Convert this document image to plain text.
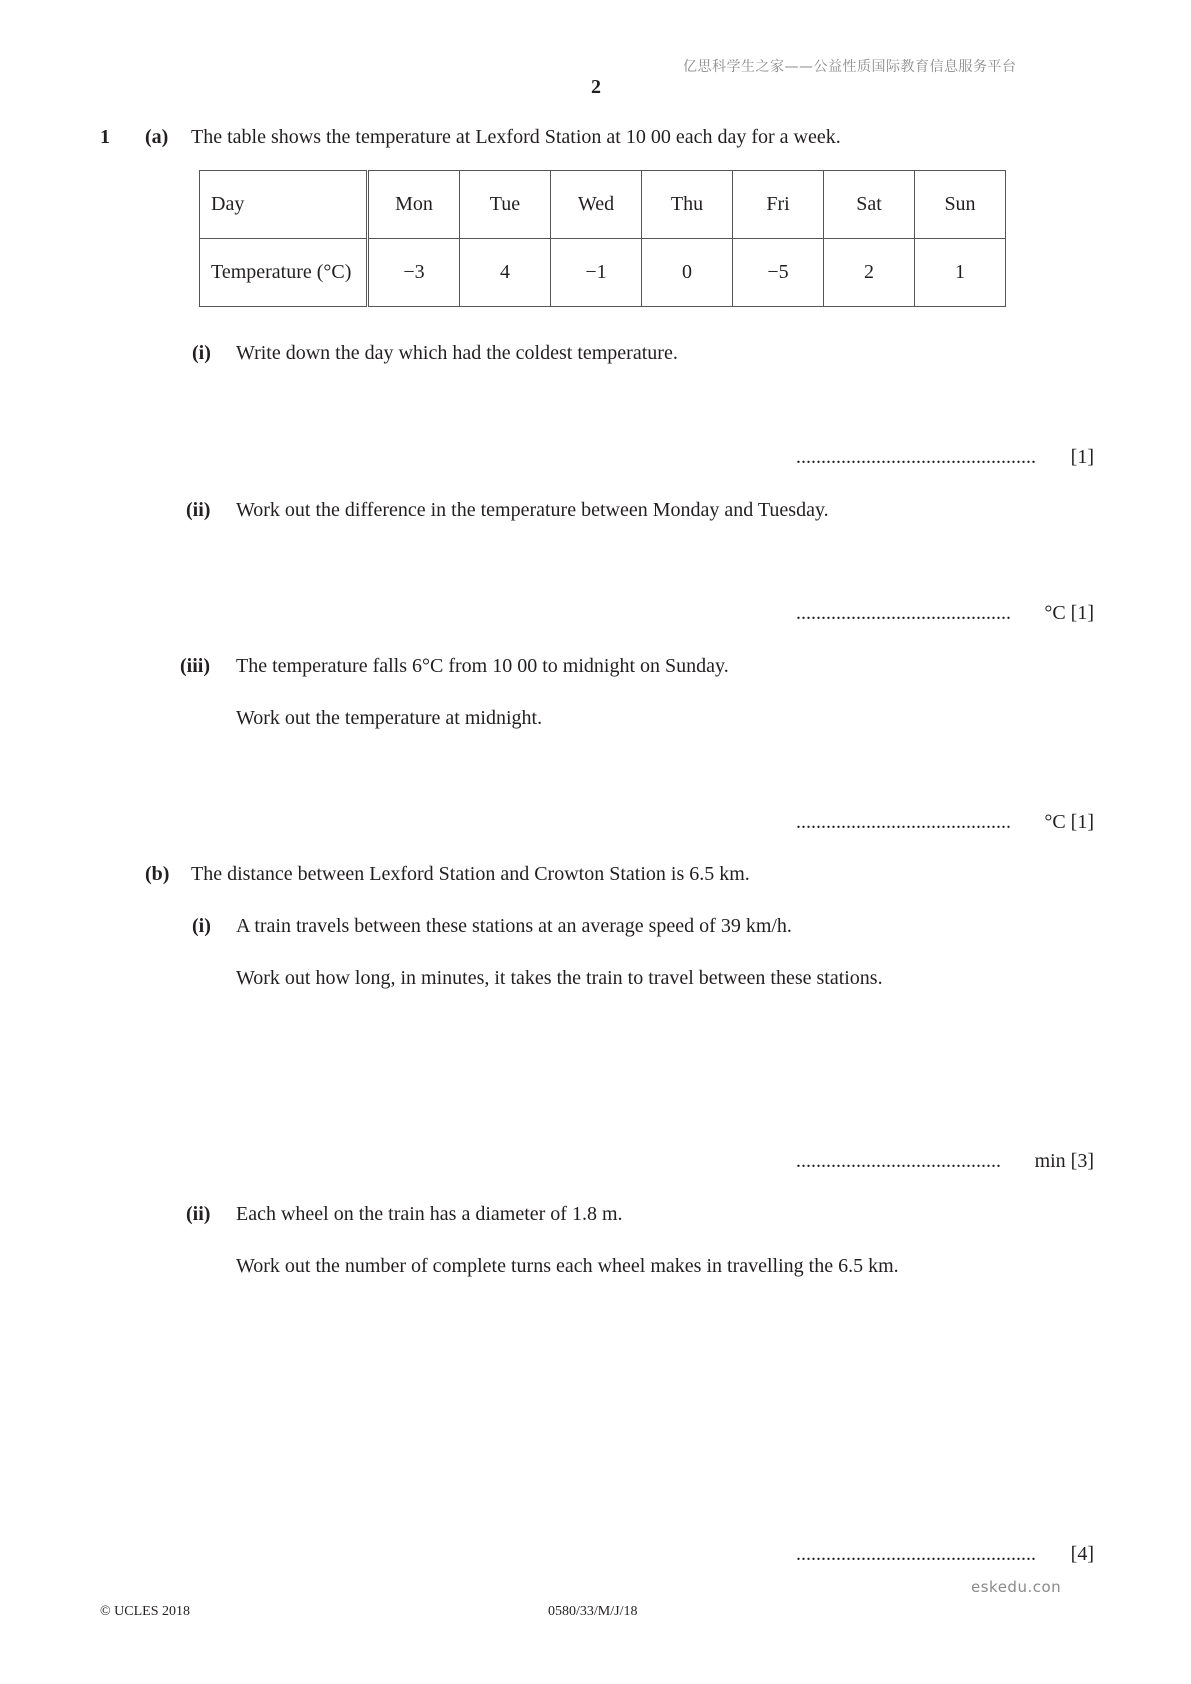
亿思科学生之家——公益性质国际教育信息服务平台
2
1 (a) The table shows the temperature at Lexford Station at 10 00 each day for a week.
Day	Mon	Tue	Wed	Thu	Fri	Sat	Sun
Temperature (°C)	−3	4	−1	0	−5	2	1
(i) Write down the day which had the coldest temperature.
................................................ [1]
(ii) Work out the difference in the temperature between Monday and Tuesday.
........................................... °C [1]
(iii) The temperature falls 6°C from 10 00 to midnight on Sunday.
Work out the temperature at midnight.
........................................... °C [1]
(b) The distance between Lexford Station and Crowton Station is 6.5 km.
(i) A train travels between these stations at an average speed of 39 km/h.
Work out how long, in minutes, it takes the train to travel between these stations.
......................................... min [3]
(ii) Each wheel on the train has a diameter of 1.8 m.
Work out the number of complete turns each wheel makes in travelling the 6.5 km.
................................................ [4]
eskedu.con
© UCLES 2018	0580/33/M/J/18
